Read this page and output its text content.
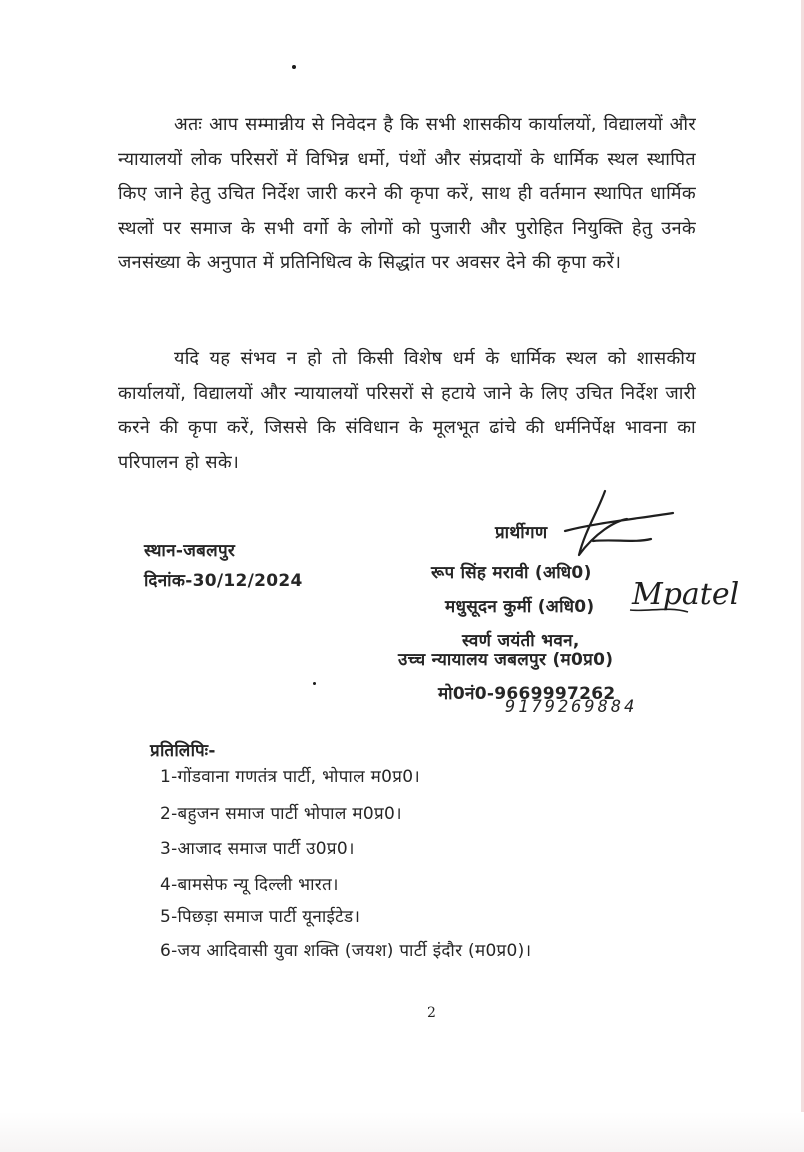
अतः आप सम्मान्नीय से निवेदन है कि सभी शासकीय कार्यालयों, विद्यालयों और न्यायालयों लोक परिसरों में विभिन्न धर्मो, पंथों और संप्रदायों के धार्मिक स्थल स्थापित किए जाने हेतु उचित निर्देश जारी करने की कृपा करें, साथ ही वर्तमान स्थापित धार्मिक स्थलों पर समाज के सभी वर्गो के लोगों को पुजारी और पुरोहित नियुक्ति हेतु उनके जनसंख्या के अनुपात में प्रतिनिधित्व के सिद्धांत पर अवसर देने की कृपा करें।
यदि यह संभव न हो तो किसी विशेष धर्म के धार्मिक स्थल को शासकीय कार्यालयों, विद्यालयों और न्यायालयों परिसरों से हटाये जाने के लिए उचित निर्देश जारी करने की कृपा करें, जिससे कि संविधान के मूलभूत ढांचे की धर्मनिर्पेक्ष भावना का परिपालन हो सके।
प्रार्थीगण
स्थान-जबलपुर
दिनांक-30/12/2024	रूप सिंह मरावी (अधि0)
मधुसूदन कुर्मी (अधि0)
स्वर्ण जयंती भवन,
उच्च न्यायालय जबलपुर (म0प्र0)
मो0नं0-9669997262
9179269884
Mpatel
प्रतिलिपिः-
1-गोंडवाना गणतंत्र पार्टी, भोपाल म0प्र0।
2-बहुजन समाज पार्टी भोपाल म0प्र0।
3-आजाद समाज पार्टी उ0प्र0।
4-बामसेफ न्यू दिल्ली भारत।
5-पिछड़ा समाज पार्टी यूनाईटेड।
6-जय आदिवासी युवा शक्ति (जयश) पार्टी इंदौर (म0प्र0)।
2
